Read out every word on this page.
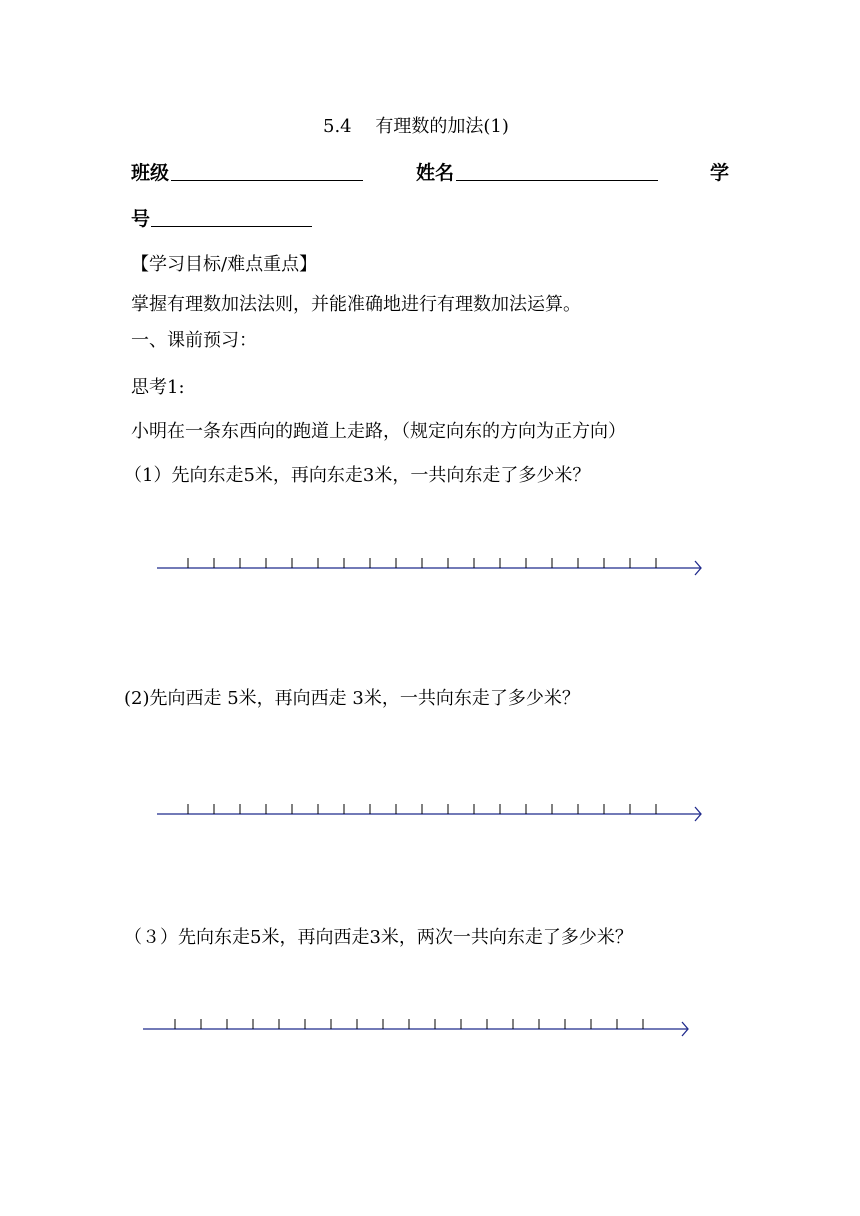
5.4　 有理数的加法(1)
班级	姓名	学
号
【学习目标/难点重点】
掌握有理数加法法则，并能准确地进行有理数加法运算。
一、课前预习：
思考1:
小明在一条东西向的跑道上走路，（规定向东的方向为正方向）
（1）先向东走5米，再向东走3米，一共向东走了多少米？
(2)先向西走 5米，再向西走 3米，一共向东走了多少米？
（３）先向东走5米，再向西走3米，两次一共向东走了多少米？
